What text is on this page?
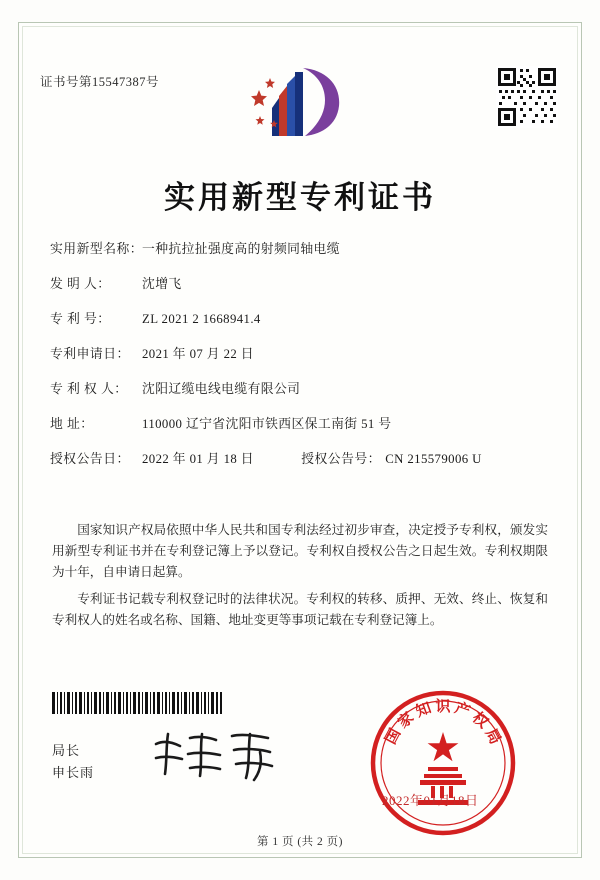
证书号第15547387号
实用新型专利证书
实用新型名称：一种抗拉扯强度高的射频同轴电缆
发 明 人： 沈增飞
专 利 号： ZL 2021 2 1668941.4
专利申请日： 2021 年 07 月 22 日
专 利 权 人： 沈阳辽缆电线电缆有限公司
地 址：	110000 辽宁省沈阳市铁西区保工南街 51 号
授权公告日： 2022 年 01 月 18 日	授权公告号： CN 215579006 U

国家知识产权局依照中华人民共和国专利法经过初步审查，决定授予专利权，颁发实用新型专利证书并在专利登记簿上予以登记。专利权自授权公告之日起生效。专利权期限为十年，自申请日起算。

专利证书记载专利权登记时的法律状况。专利权的转移、质押、无效、终止、恢复和专利权人的姓名或名称、国籍、地址变更等事项记载在专利登记簿上。

局长
申长雨
国
家
知 识 产
权
局
2022年01月18日
第 1 页 (共 2 页)
